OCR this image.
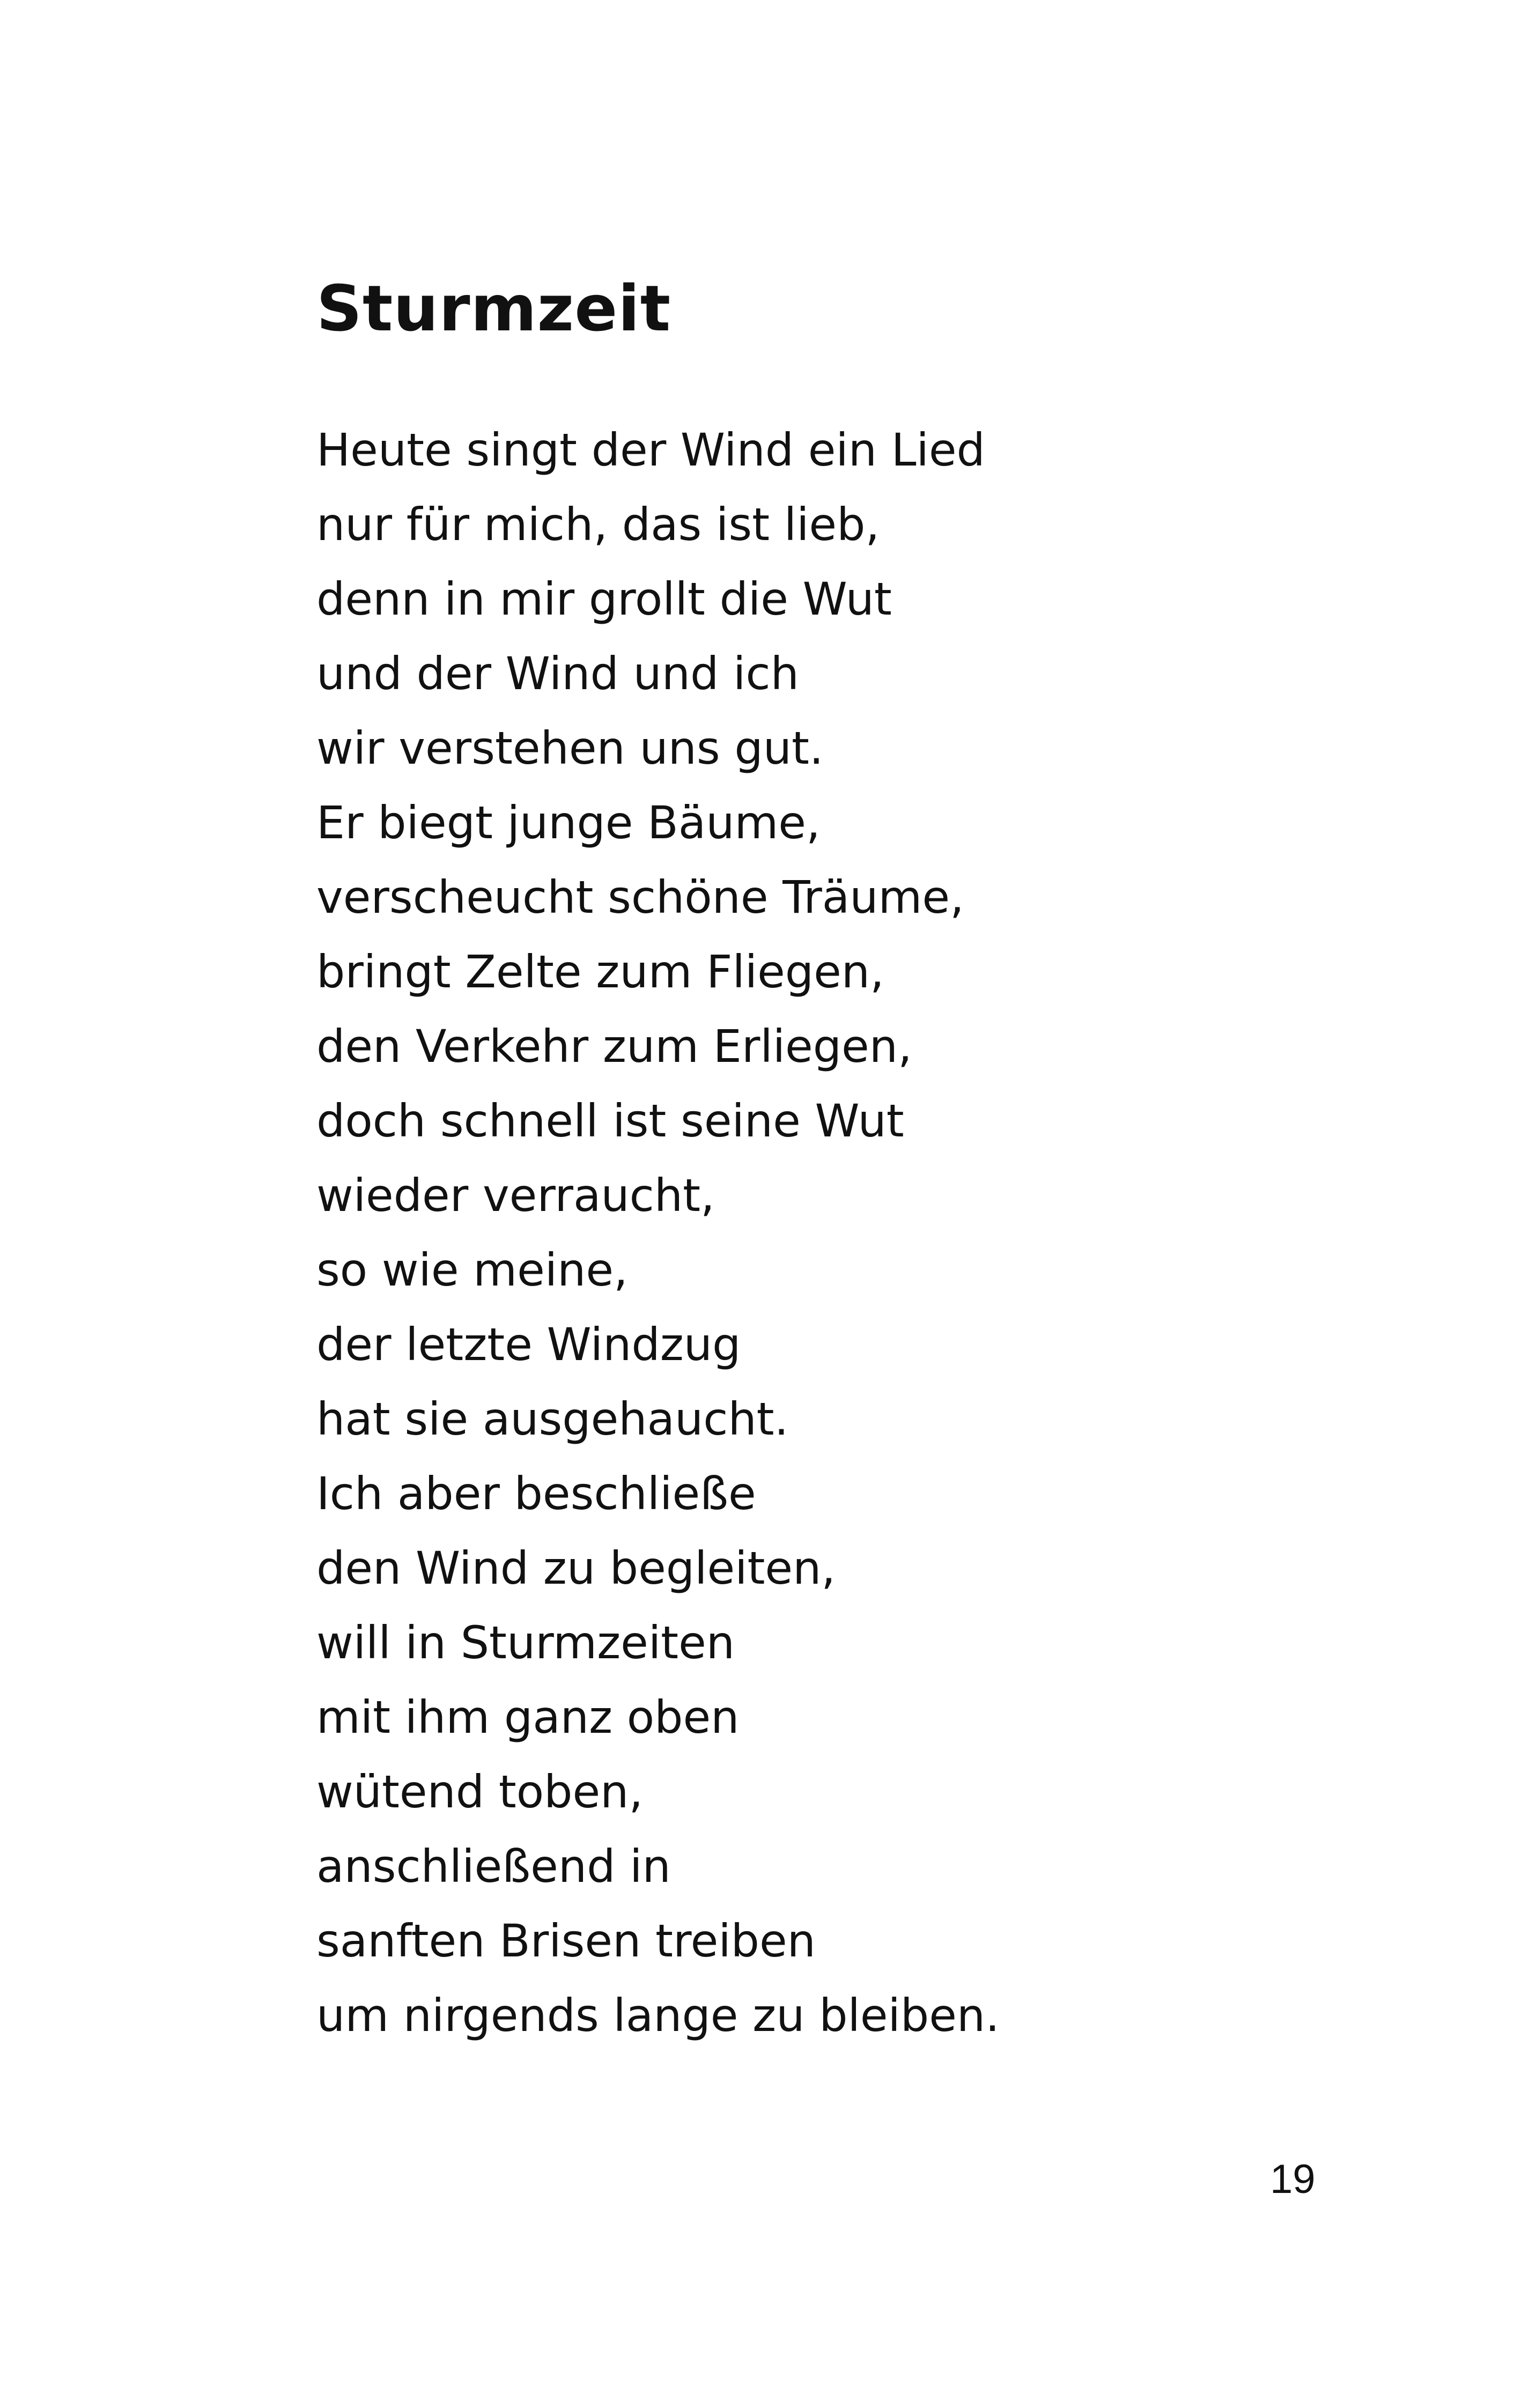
Sturmzeit
Heute singt der Wind ein Lied
nur für mich, das ist lieb,
denn in mir grollt die Wut
und der Wind und ich
wir verstehen uns gut.
Er biegt junge Bäume,
verscheucht schöne Träume,
bringt Zelte zum Fliegen,
den Verkehr zum Erliegen,
doch schnell ist seine Wut
wieder verraucht,
so wie meine,
der letzte Windzug
hat sie ausgehaucht.
Ich aber beschließe
den Wind zu begleiten,
will in Sturmzeiten
mit ihm ganz oben
wütend toben,
anschließend in
sanften Brisen treiben
um nirgends lange zu bleiben.
19
